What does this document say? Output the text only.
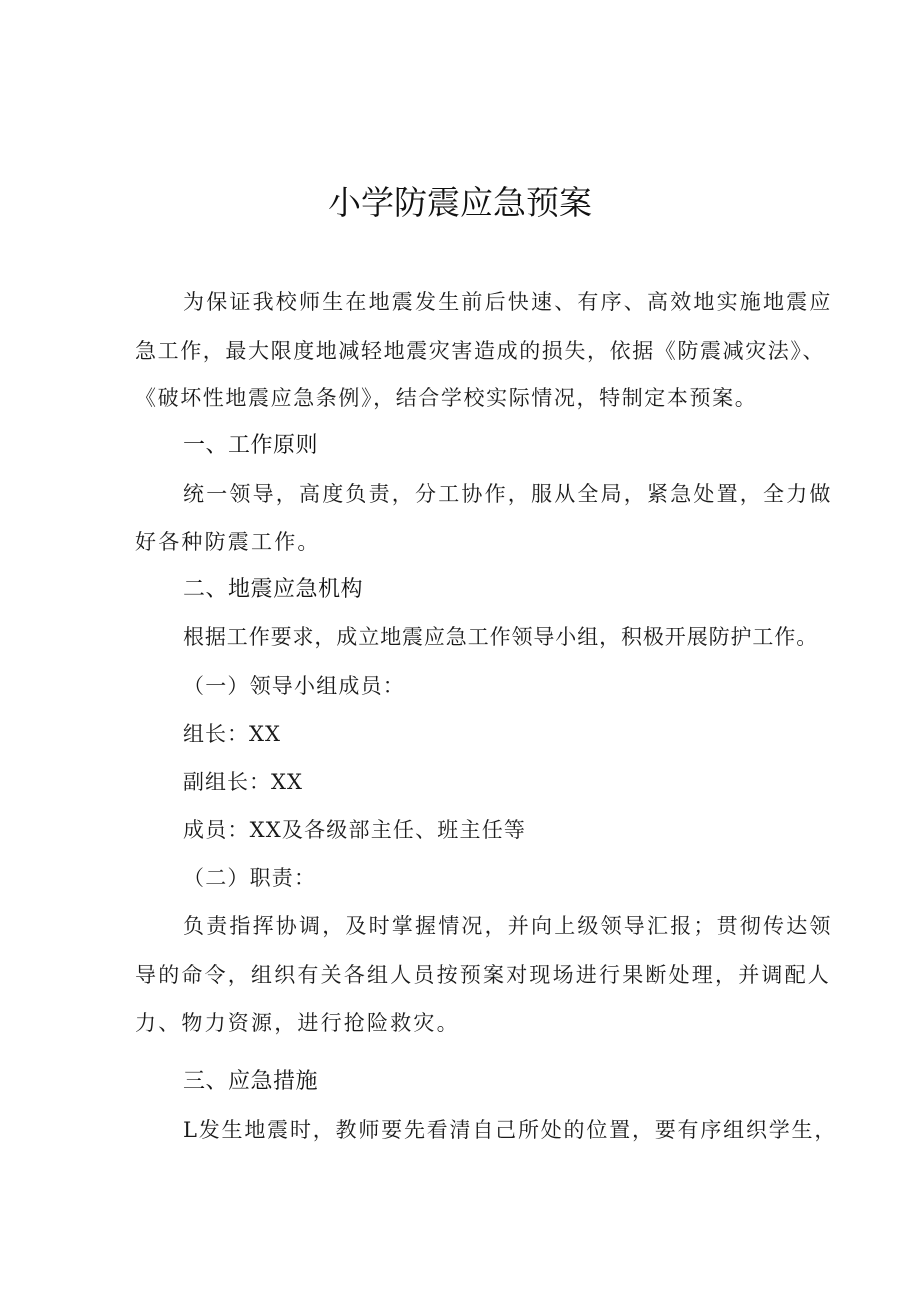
小学防震应急预案
为保证我校师生在地震发生前后快速、有序、高效地实施地震应
急工作，最大限度地减轻地震灾害造成的损失，依据《防震减灾法》、
《破坏性地震应急条例》，结合学校实际情况，特制定本预案。
一、工作原则
统一领导，高度负责，分工协作，服从全局，紧急处置，全力做
好各种防震工作。
二、地震应急机构
根据工作要求，成立地震应急工作领导小组，积极开展防护工作。
（一）领导小组成员：
组长：XX
副组长：XX
成员：XX及各级部主任、班主任等
（二）职责：
负责指挥协调，及时掌握情况，并向上级领导汇报；贯彻传达领
导的命令，组织有关各组人员按预案对现场进行果断处理，并调配人
力、物力资源，进行抢险救灾。
三、应急措施
L发生地震时，教师要先看清自己所处的位置，要有序组织学生，
